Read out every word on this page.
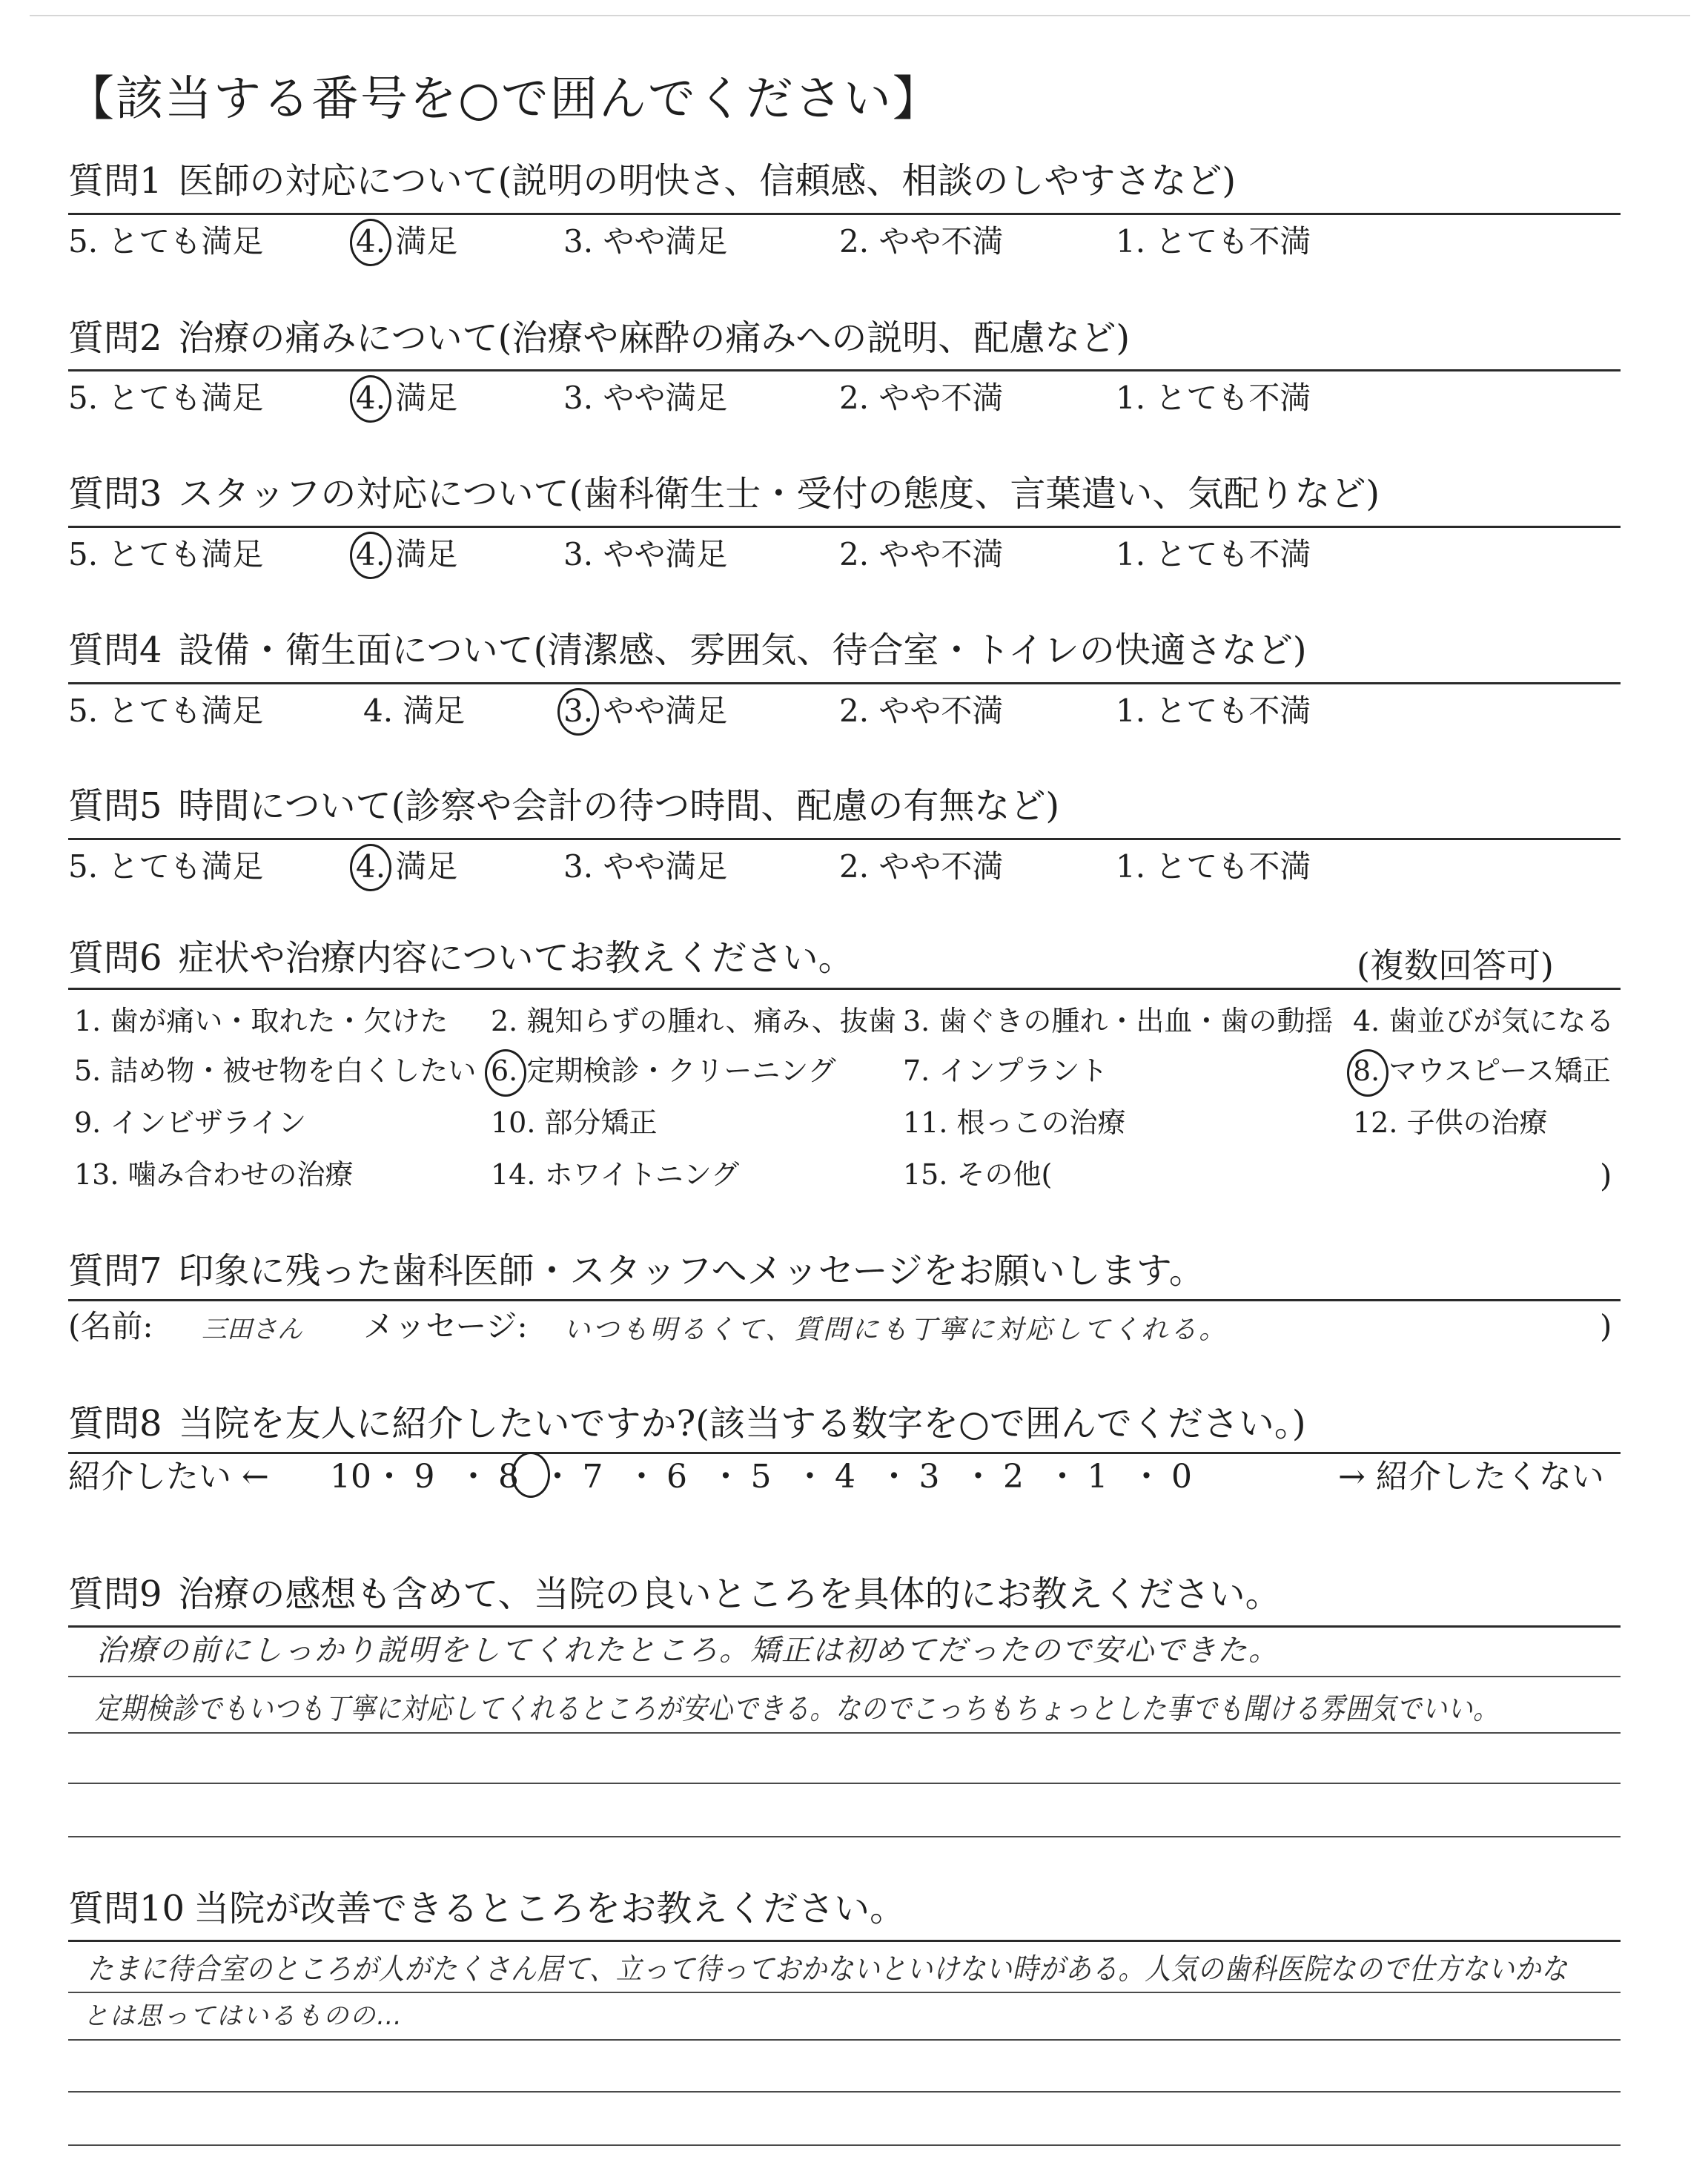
【該当する番号を○で囲んでください】
質問1 医師の対応について(説明の明快さ、信頼感、相談のしやすさなど)
5. とても満足	4. 満足	3. やや満足	2. やや不満	1. とても不満
質問2 治療の痛みについて(治療や麻酔の痛みへの説明、配慮など)
5. とても満足	4. 満足	3. やや満足	2. やや不満	1. とても不満
質問3 スタッフの対応について(歯科衛生士・受付の態度、言葉遣い、気配りなど)
5. とても満足	4. 満足	3. やや満足	2. やや不満	1. とても不満
質問4 設備・衛生面について(清潔感、雰囲気、待合室・トイレの快適さなど)
5. とても満足	4. 満足	3. やや満足	2. やや不満	1. とても不満
質問5 時間について(診察や会計の待つ時間、配慮の有無など)
5. とても満足	4. 満足	3. やや満足	2. やや不満	1. とても不満
質問6 症状や治療内容についてお教えください。	(複数回答可)
1. 歯が痛い・取れた・欠けた 2. 親知らずの腫れ、痛み、抜歯 3. 歯ぐきの腫れ・出血・歯の動揺 4. 歯並びが気になる
5. 詰め物・被せ物を白くしたい 6. 定期検診・クリーニング 7. インプラント	8. マウスピース矯正
9. インビザライン	10. 部分矯正	11. 根っこの治療	12. 子供の治療
13. 噛み合わせの治療	14. ホワイトニング	15. その他(	)
質問7 印象に残った歯科医師・スタッフへメッセージをお願いします。
(名前: 三田さん メッセージ: いつも明るくて、質問にも丁寧に対応してくれる。	)
質問8 当院を友人に紹介したいですか?(該当する数字を○で囲んでください。)
紹介したい ← 10 ・ 9 ・ 8 ・ 7 ・ 6 ・ 5 ・ 4 ・ 3 ・ 2 ・ 1 ・ 0	→ 紹介したくない
質問9 治療の感想も含めて、当院の良いところを具体的にお教えください。
治療の前にしっかり説明をしてくれたところ。矯正は初めてだったので安心できた。
定期検診でもいつも丁寧に対応してくれるところが安心できる。なのでこっちもちょっとした事でも聞ける雰囲気でいい。
質問10 当院が改善できるところをお教えください。
たまに待合室のところが人がたくさん居て、立って待っておかないといけない時がある。人気の歯科医院なので仕方ないかな
とは思ってはいるものの…
